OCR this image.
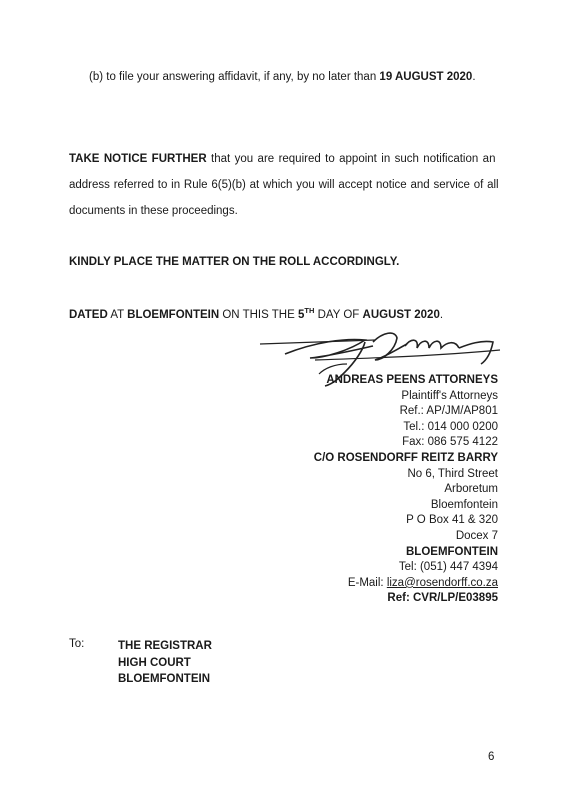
(b) to file your answering affidavit, if any, by no later than 19 AUGUST 2020.
TAKE NOTICE FURTHER that you are required to appoint in such notification an
address referred to in Rule 6(5)(b) at which you will accept notice and service of all
documents in these proceedings.
KINDLY PLACE THE MATTER ON THE ROLL ACCORDINGLY.
DATED AT BLOEMFONTEIN ON THIS THE 5TH DAY OF AUGUST 2020.
ANDREAS PEENS ATTORNEYS
Plaintiff's Attorneys
Ref.: AP/JM/AP801
Tel.: 014 000 0200
Fax: 086 575 4122
C/O ROSENDORFF REITZ BARRY
No 6, Third Street
Arboretum
Bloemfontein
P O Box 41 & 320
Docex 7
BLOEMFONTEIN
Tel: (051) 447 4394
E-Mail: liza@rosendorff.co.za
Ref: CVR/LP/E03895
To:	THE REGISTRAR
HIGH COURT
BLOEMFONTEIN
6
